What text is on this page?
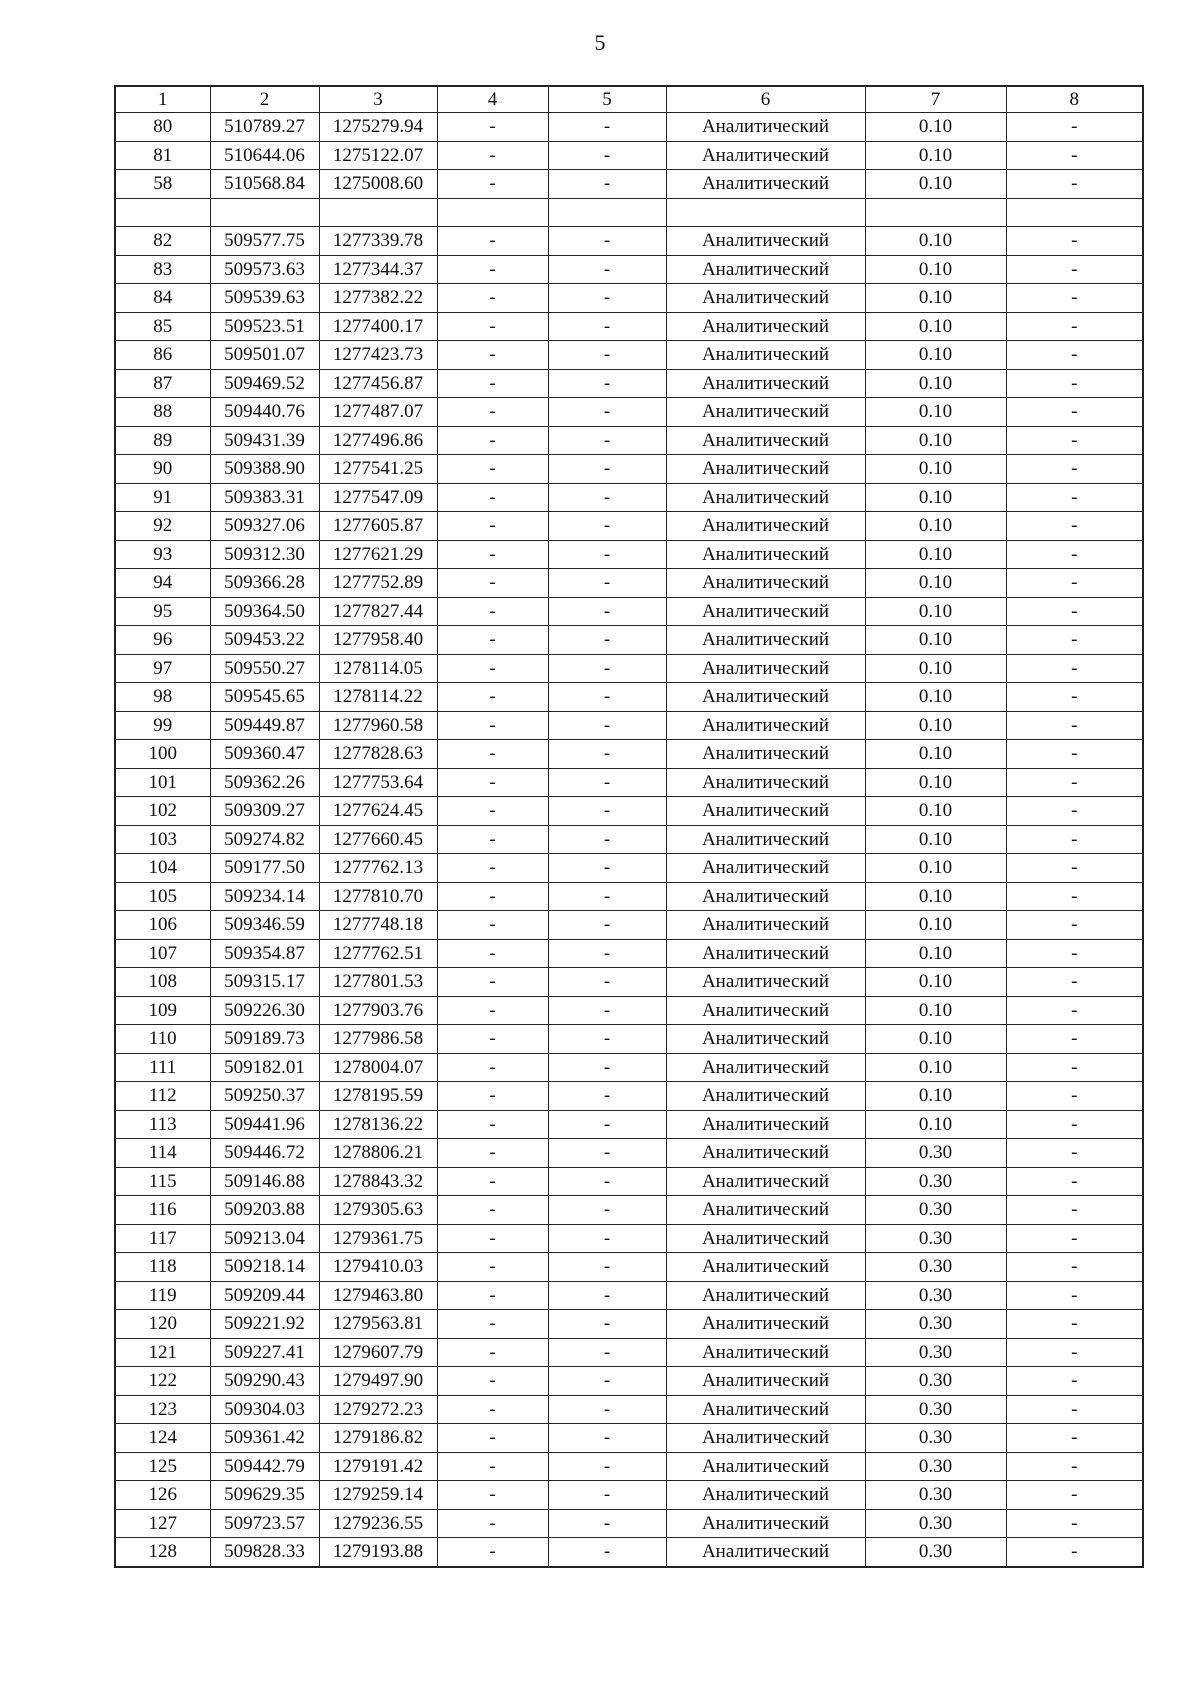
5
1	2	3	4	5	6	7	8
80	510789.27	1275279.94	-	-	Аналитический	0.10	-
81	510644.06	1275122.07	-	-	Аналитический	0.10	-
58	510568.84	1275008.60	-	-	Аналитический	0.10	-

82	509577.75	1277339.78	-	-	Аналитический	0.10	-
83	509573.63	1277344.37	-	-	Аналитический	0.10	-
84	509539.63	1277382.22	-	-	Аналитический	0.10	-
85	509523.51	1277400.17	-	-	Аналитический	0.10	-
86	509501.07	1277423.73	-	-	Аналитический	0.10	-
87	509469.52	1277456.87	-	-	Аналитический	0.10	-
88	509440.76	1277487.07	-	-	Аналитический	0.10	-
89	509431.39	1277496.86	-	-	Аналитический	0.10	-
90	509388.90	1277541.25	-	-	Аналитический	0.10	-
91	509383.31	1277547.09	-	-	Аналитический	0.10	-
92	509327.06	1277605.87	-	-	Аналитический	0.10	-
93	509312.30	1277621.29	-	-	Аналитический	0.10	-
94	509366.28	1277752.89	-	-	Аналитический	0.10	-
95	509364.50	1277827.44	-	-	Аналитический	0.10	-
96	509453.22	1277958.40	-	-	Аналитический	0.10	-
97	509550.27	1278114.05	-	-	Аналитический	0.10	-
98	509545.65	1278114.22	-	-	Аналитический	0.10	-
99	509449.87	1277960.58	-	-	Аналитический	0.10	-
100	509360.47	1277828.63	-	-	Аналитический	0.10	-
101	509362.26	1277753.64	-	-	Аналитический	0.10	-
102	509309.27	1277624.45	-	-	Аналитический	0.10	-
103	509274.82	1277660.45	-	-	Аналитический	0.10	-
104	509177.50	1277762.13	-	-	Аналитический	0.10	-
105	509234.14	1277810.70	-	-	Аналитический	0.10	-
106	509346.59	1277748.18	-	-	Аналитический	0.10	-
107	509354.87	1277762.51	-	-	Аналитический	0.10	-
108	509315.17	1277801.53	-	-	Аналитический	0.10	-
109	509226.30	1277903.76	-	-	Аналитический	0.10	-
110	509189.73	1277986.58	-	-	Аналитический	0.10	-
111	509182.01	1278004.07	-	-	Аналитический	0.10	-
112	509250.37	1278195.59	-	-	Аналитический	0.10	-
113	509441.96	1278136.22	-	-	Аналитический	0.10	-
114	509446.72	1278806.21	-	-	Аналитический	0.30	-
115	509146.88	1278843.32	-	-	Аналитический	0.30	-
116	509203.88	1279305.63	-	-	Аналитический	0.30	-
117	509213.04	1279361.75	-	-	Аналитический	0.30	-
118	509218.14	1279410.03	-	-	Аналитический	0.30	-
119	509209.44	1279463.80	-	-	Аналитический	0.30	-
120	509221.92	1279563.81	-	-	Аналитический	0.30	-
121	509227.41	1279607.79	-	-	Аналитический	0.30	-
122	509290.43	1279497.90	-	-	Аналитический	0.30	-
123	509304.03	1279272.23	-	-	Аналитический	0.30	-
124	509361.42	1279186.82	-	-	Аналитический	0.30	-
125	509442.79	1279191.42	-	-	Аналитический	0.30	-
126	509629.35	1279259.14	-	-	Аналитический	0.30	-
127	509723.57	1279236.55	-	-	Аналитический	0.30	-
128	509828.33	1279193.88	-	-	Аналитический	0.30	-
